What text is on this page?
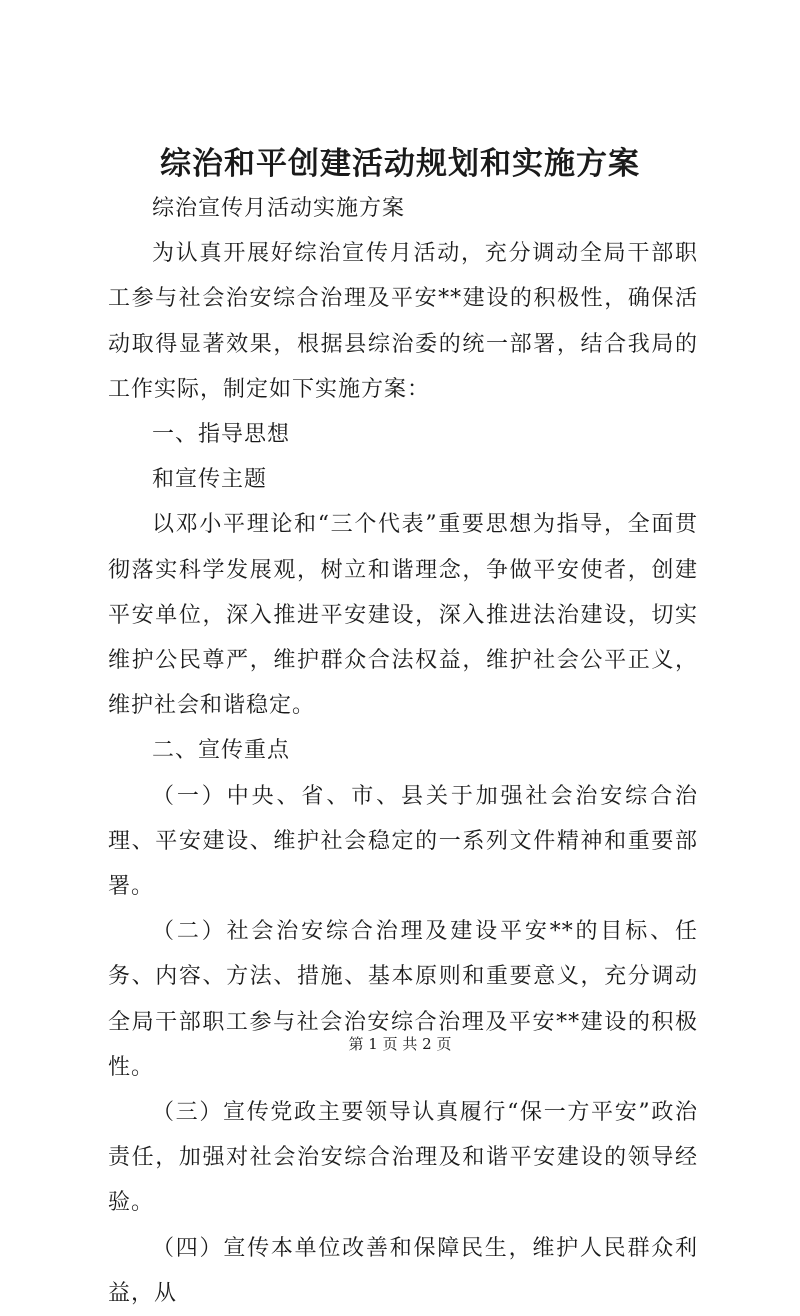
综治和平创建活动规划和实施方案

综治宣传月活动实施方案

为认真开展好综治宣传月活动，充分调动全局干部职工参与社会治安综合治理及平安**建设的积极性，确保活动取得显著效果，根据县综治委的统一部署，结合我局的工作实际，制定如下实施方案：

一、指导思想

和宣传主题

以邓小平理论和“三个代表”重要思想为指导，全面贯彻落实科学发展观，树立和谐理念，争做平安使者，创建平安单位，深入推进平安建设，深入推进法治建设，切实维护公民尊严，维护群众合法权益，维护社会公平正义，维护社会和谐稳定。

二、宣传重点

（一）中央、省、市、县关于加强社会治安综合治理、平安建设、维护社会稳定的一系列文件精神和重要部署。

（二）社会治安综合治理及建设平安**的目标、任务、内容、方法、措施、基本原则和重要意义，充分调动全局干部职工参与社会治安综合治理及平安**建设的积极性。

（三）宣传党政主要领导认真履行“保一方平安”政治责任，加强对社会治安综合治理及和谐平安建设的领导经验。

（四）宣传本单位改善和保障民生，维护人民群众利益，从

第 1 页 共 2 页
